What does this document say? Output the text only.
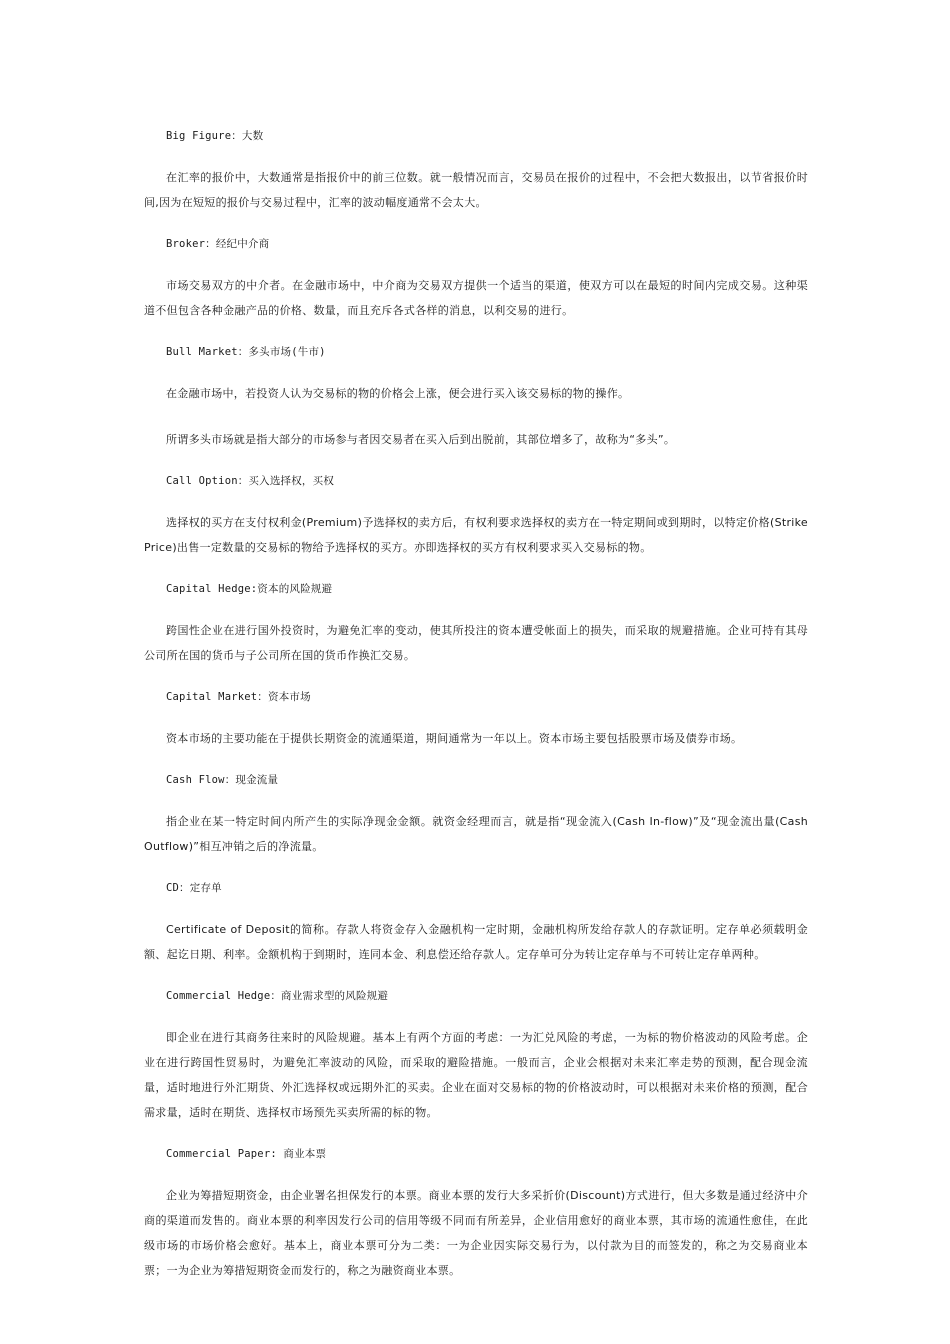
Big Figure：大数

在汇率的报价中，大数通常是指报价中的前三位数。就一般情况而言，交易员在报价的过程中，不会把大数报出，以节省报价时间,因为在短短的报价与交易过程中，汇率的波动幅度通常不会太大。

Broker：经纪中介商

市场交易双方的中介者。在金融市场中，中介商为交易双方提供一个适当的渠道，使双方可以在最短的时间内完成交易。这种渠道不但包含各种金融产品的价格、数量，而且充斥各式各样的消息，以利交易的进行。

Bull Market：多头市场(牛市)

在金融市场中，若投资人认为交易标的物的价格会上涨，便会进行买入该交易标的物的操作。

所谓多头市场就是指大部分的市场参与者因交易者在买入后到出脱前，其部位增多了，故称为“多头”。

Call Option：买入选择权，买权

选择权的买方在支付权利金(Premium)予选择权的卖方后，有权利要求选择权的卖方在一特定期间或到期时，以特定价格(Strike Price)出售一定数量的交易标的物给予选择权的买方。亦即选择权的买方有权利要求买入交易标的物。

Capital Hedge:资本的风险规避

跨国性企业在进行国外投资时，为避免汇率的变动，使其所投注的资本遭受帐面上的损失，而采取的规避措施。企业可持有其母公司所在国的货币与子公司所在国的货币作换汇交易。

Capital Market：资本市场

资本市场的主要功能在于提供长期资金的流通渠道，期间通常为一年以上。资本市场主要包括股票市场及债券市场。

Cash Flow：现金流量

指企业在某一特定时间内所产生的实际净现金金额。就资金经理而言，就是指“现金流入(Cash In-flow)”及“现金流出量(Cash Outflow)”相互冲销之后的净流量。

CD：定存单

Certificate of Deposit的简称。存款人将资金存入金融机构一定时期，金融机构所发给存款人的存款证明。定存单必须载明金额、起讫日期、利率。金额机构于到期时，连同本金、利息偿还给存款人。定存单可分为转让定存单与不可转让定存单两种。

Commercial Hedge：商业需求型的风险规避

即企业在进行其商务往来时的风险规避。基本上有两个方面的考虑：一为汇兑风险的考虑，一为标的物价格波动的风险考虑。企业在进行跨国性贸易时，为避免汇率波动的风险，而采取的避险措施。一般而言，企业会根据对未来汇率走势的预测，配合现金流量，适时地进行外汇期货、外汇选择权或远期外汇的买卖。企业在面对交易标的物的价格波动时，可以根据对未来价格的预测，配合需求量，适时在期货、选择权市场预先买卖所需的标的物。

Commercial Paper: 商业本票

企业为筹措短期资金，由企业署名担保发行的本票。商业本票的发行大多采折价(Discount)方式进行，但大多数是通过经济中介商的渠道而发售的。商业本票的利率因发行公司的信用等级不同而有所差异，企业信用愈好的商业本票，其市场的流通性愈佳，在此级市场的市场价格会愈好。基本上，商业本票可分为二类：一为企业因实际交易行为，以付款为目的而签发的，称之为交易商业本票；一为企业为筹措短期资金而发行的，称之为融资商业本票。
